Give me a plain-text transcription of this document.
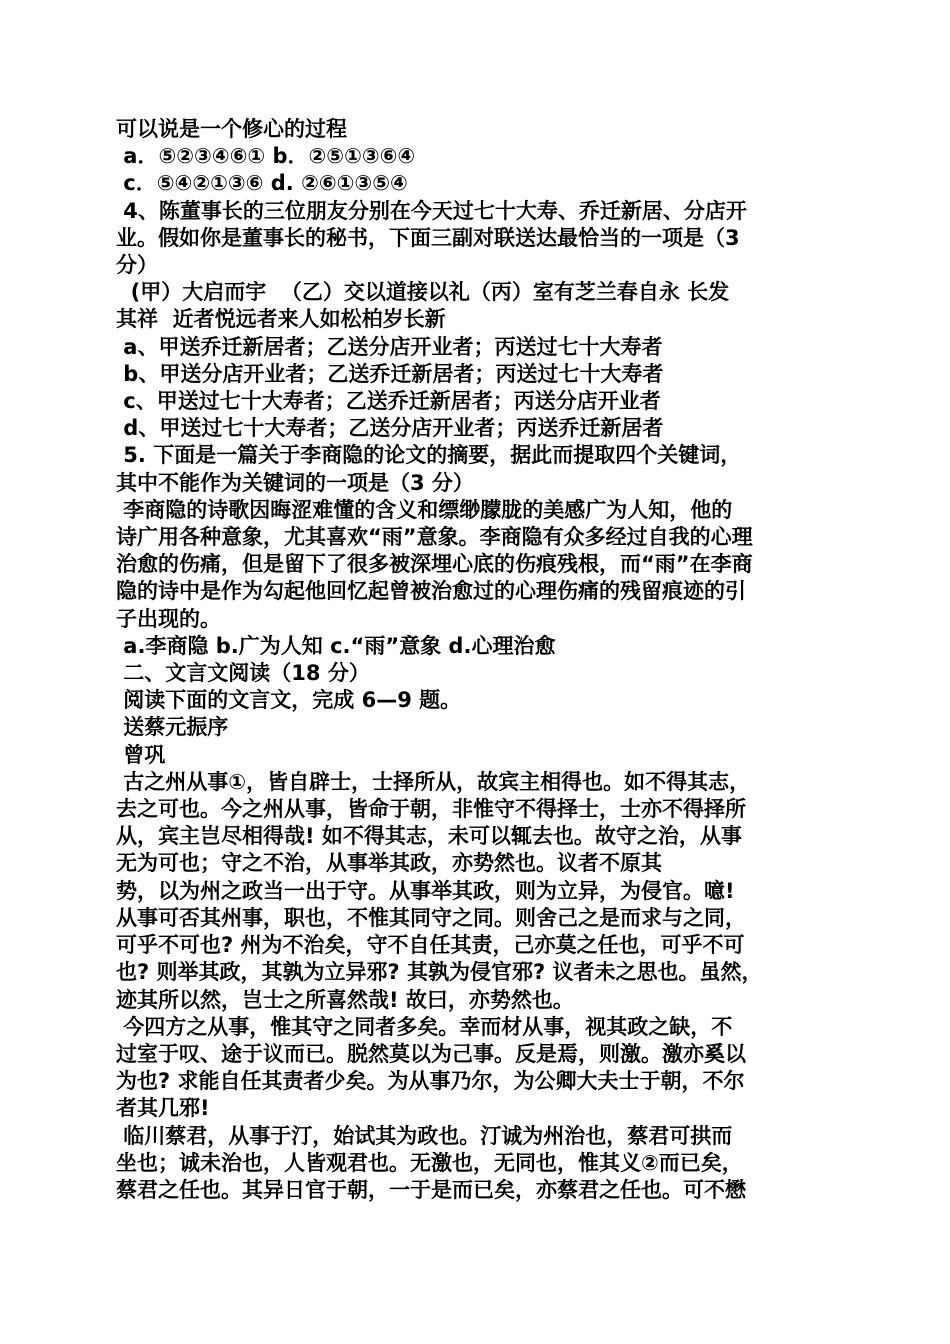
可以说是一个修心的过程
a．⑤②③④⑥① b．②⑤①③⑥④
c．⑤④②①③⑥ d. ②⑥①③⑤④
4、陈董事长的三位朋友分别在今天过七十大寿、乔迁新居、分店开
业。假如你是董事长的秘书，下面三副对联送达最恰当的一项是（3
分）
(甲）大启而宇  （乙）交以道接以礼（丙）室有芝兰春自永 长发
其祥  近者悦远者来人如松柏岁长新
a、甲送乔迁新居者；乙送分店开业者；丙送过七十大寿者
b、甲送分店开业者；乙送乔迁新居者；丙送过七十大寿者
c、甲送过七十大寿者；乙送乔迁新居者；丙送分店开业者
d、甲送过七十大寿者；乙送分店开业者；丙送乔迁新居者
5. 下面是一篇关于李商隐的论文的摘要，据此而提取四个关键词，
其中不能作为关键词的一项是（3 分）
李商隐的诗歌因晦涩难懂的含义和缥缈朦胧的美感广为人知，他的
诗广用各种意象，尤其喜欢“雨”意象。李商隐有众多经过自我的心理
治愈的伤痛，但是留下了很多被深埋心底的伤痕残根，而“雨”在李商
隐的诗中是作为勾起他回忆起曾被治愈过的心理伤痛的残留痕迹的引
子出现的。
a.李商隐 b.广为人知 c.“雨”意象 d.心理治愈
二、文言文阅读（18 分）
阅读下面的文言文，完成 6—9 题。
送蔡元振序
曾巩
古之州从事①，皆自辟士，士择所从，故宾主相得也。如不得其志，
去之可也。今之州从事，皆命于朝，非惟守不得择士，士亦不得择所
从，宾主岂尽相得哉! 如不得其志，未可以辄去也。故守之治，从事
无为可也；守之不治，从事举其政，亦势然也。议者不原其
势，以为州之政当一出于守。从事举其政，则为立异，为侵官。噫!
从事可否其州事，职也，不惟其同守之同。则舍己之是而求与之同，
可乎不可也? 州为不治矣，守不自任其责，己亦莫之任也，可乎不可
也? 则举其政，其孰为立异邪? 其孰为侵官邪? 议者未之思也。虽然，
迹其所以然，岂士之所喜然哉! 故曰，亦势然也。
今四方之从事，惟其守之同者多矣。幸而材从事，视其政之缺，不
过室于叹、途于议而已。脱然莫以为己事。反是焉，则激。激亦奚以
为也? 求能自任其责者少矣。为从事乃尔，为公卿大夫士于朝，不尔
者其几邪!
临川蔡君，从事于汀，始试其为政也。汀诚为州治也，蔡君可拱而
坐也；诚未治也，人皆观君也。无激也，无同也，惟其义②而已矣，
蔡君之任也。其异日官于朝，一于是而已矣，亦蔡君之任也。可不懋
